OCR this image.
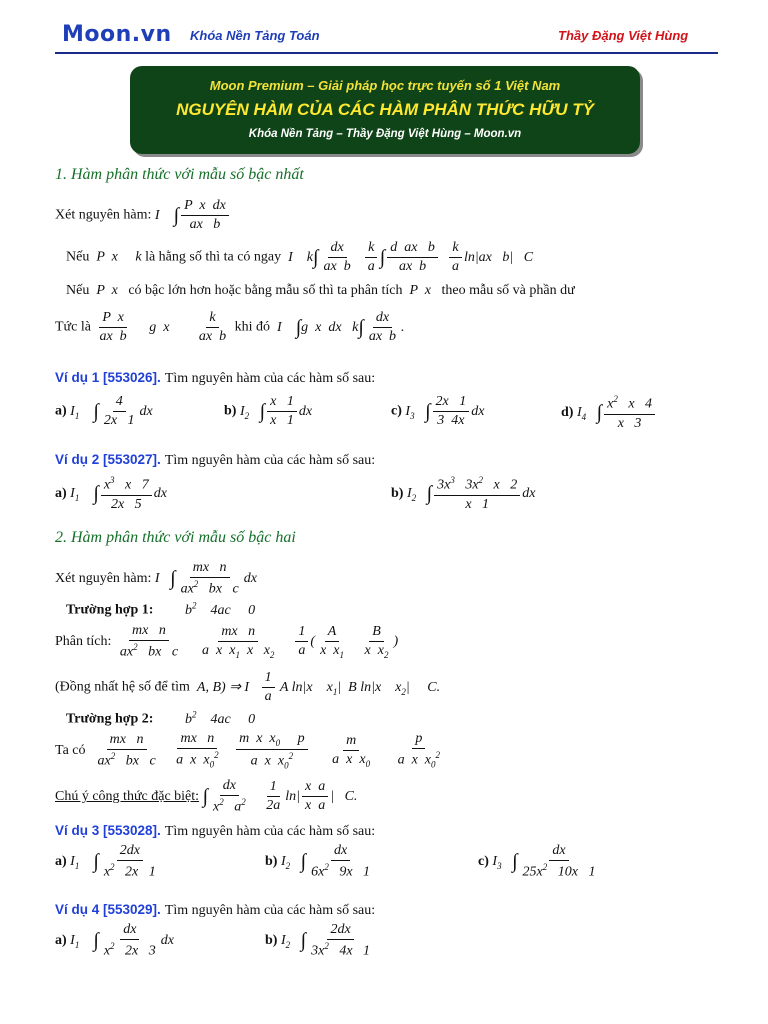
Moon.vn Khóa Nền Tảng Toán	Thầy Đặng Việt Hùng
Moon Premium – Giải pháp học trực tuyến số 1 Việt Nam
NGUYÊN HÀM CỦA CÁC HÀM PHÂN THỨC HỮU TỶ
Khóa Nền Tảng – Thầy Đặng Việt Hùng – Moon.vn
1. Hàm phân thức với mẫu số bậc nhất
Xét nguyên hàm: I    ∫ $\frac{\text{P  x  dx}}{\text{ax   b}}$
Nếu  P  x     k là hằng số thì ta có ngay  I    $k\int \frac{dx}{\text{ax  b}}$
$\frac{k}{a}$ ∫ $\frac{\text{d  ax   b}}{\text{ax  b}}$
$\frac{k}{a} \ln|ax$   b|   C
Nếu  P  x   có bậc lớn hơn hoặc bằng mẫu số thì ta phân tích  P  x   theo mẫu số và phần dư
Tức là $\frac{\text{P  x}}{\text{ax  b}}$ g  x $\frac{k}{\text{ax  b}}$ khi đó  I    ∫g  x  dx   $k\int \frac{dx}{\text{ax  b}}$ .
Ví dụ 1 [553026]. Tìm nguyên hàm của các hàm số sau:
a) $I_1$ ∫ $\frac{4}{2x 1}$ dx	b) $I_2$ ∫ $\frac{x 1}{x 1}$ dx	c) $I_3$ ∫ $\frac{2x 1}{3 4x}$ dx	d) $I_4$ ∫ $\frac{x^2 x 4}{x 3}$
Ví dụ 2 [553027]. Tìm nguyên hàm của các hàm số sau:
a) $I_1$ ∫ $\frac{x^3 x 7}{2x 5}$ dx	b) $I_2$ ∫ $\frac{3x^3 3x^2 x 2}{x 1}$ dx
2. Hàm phân thức với mẫu số bậc hai
Xét nguyên hàm: I   ∫ $\frac{\text{mx   n}}{ax^2 bx c}$ dx
Trường hợp 1:         $b^2$    4ac     0
Phân tích: $\frac{\text{mx   n}}{ax^2 bx c}$
$\frac{\text{mx   n}}{a x x_1 x x_2}$
$\frac{1}{a}$ ( $\frac{A}{x x_1}$
$\frac{B}{x x_2}$ )
(Đồng nhất hệ số để tìm  A, B) ⇒ I $\frac{1}{a}$ A ln|x    $x_1|$  B ln|x    $x_2|$     C.
Trường hợp 2:         $b^2$    4ac     0
Ta có $\frac{\text{mx   n}}{ax^2 bx c}$
$\frac{\text{mx   n}}{a x x_0^2}$
$\frac{m x x_0 p}{a x x_0^2}$
$\frac{m}{a x x_0}$
$\frac{p}{a x x_0^2}$
Chú ý công thức đặc biệt: ∫ $\frac{dx}{x^2 a^2}$
$\frac{1}{2a} \ln| \frac{\text{x  a}}{\text{x  a}}$ |   C.
Ví dụ 3 [553028]. Tìm nguyên hàm của các hàm số sau:
a) $I_1$ ∫ $\frac{2dx}{x^2 2x 1}$	b) $I_2$ ∫ $\frac{dx}{6x^2 9x 1}$	c) $I_3$ ∫ $\frac{dx}{25x^2 10x 1}$
Ví dụ 4 [553029]. Tìm nguyên hàm của các hàm số sau:
a) $I_1$ ∫ $\frac{dx}{x^2 2x 3}$ dx	b) $I_2$ ∫ $\frac{2dx}{3x^2 4x 1}$
